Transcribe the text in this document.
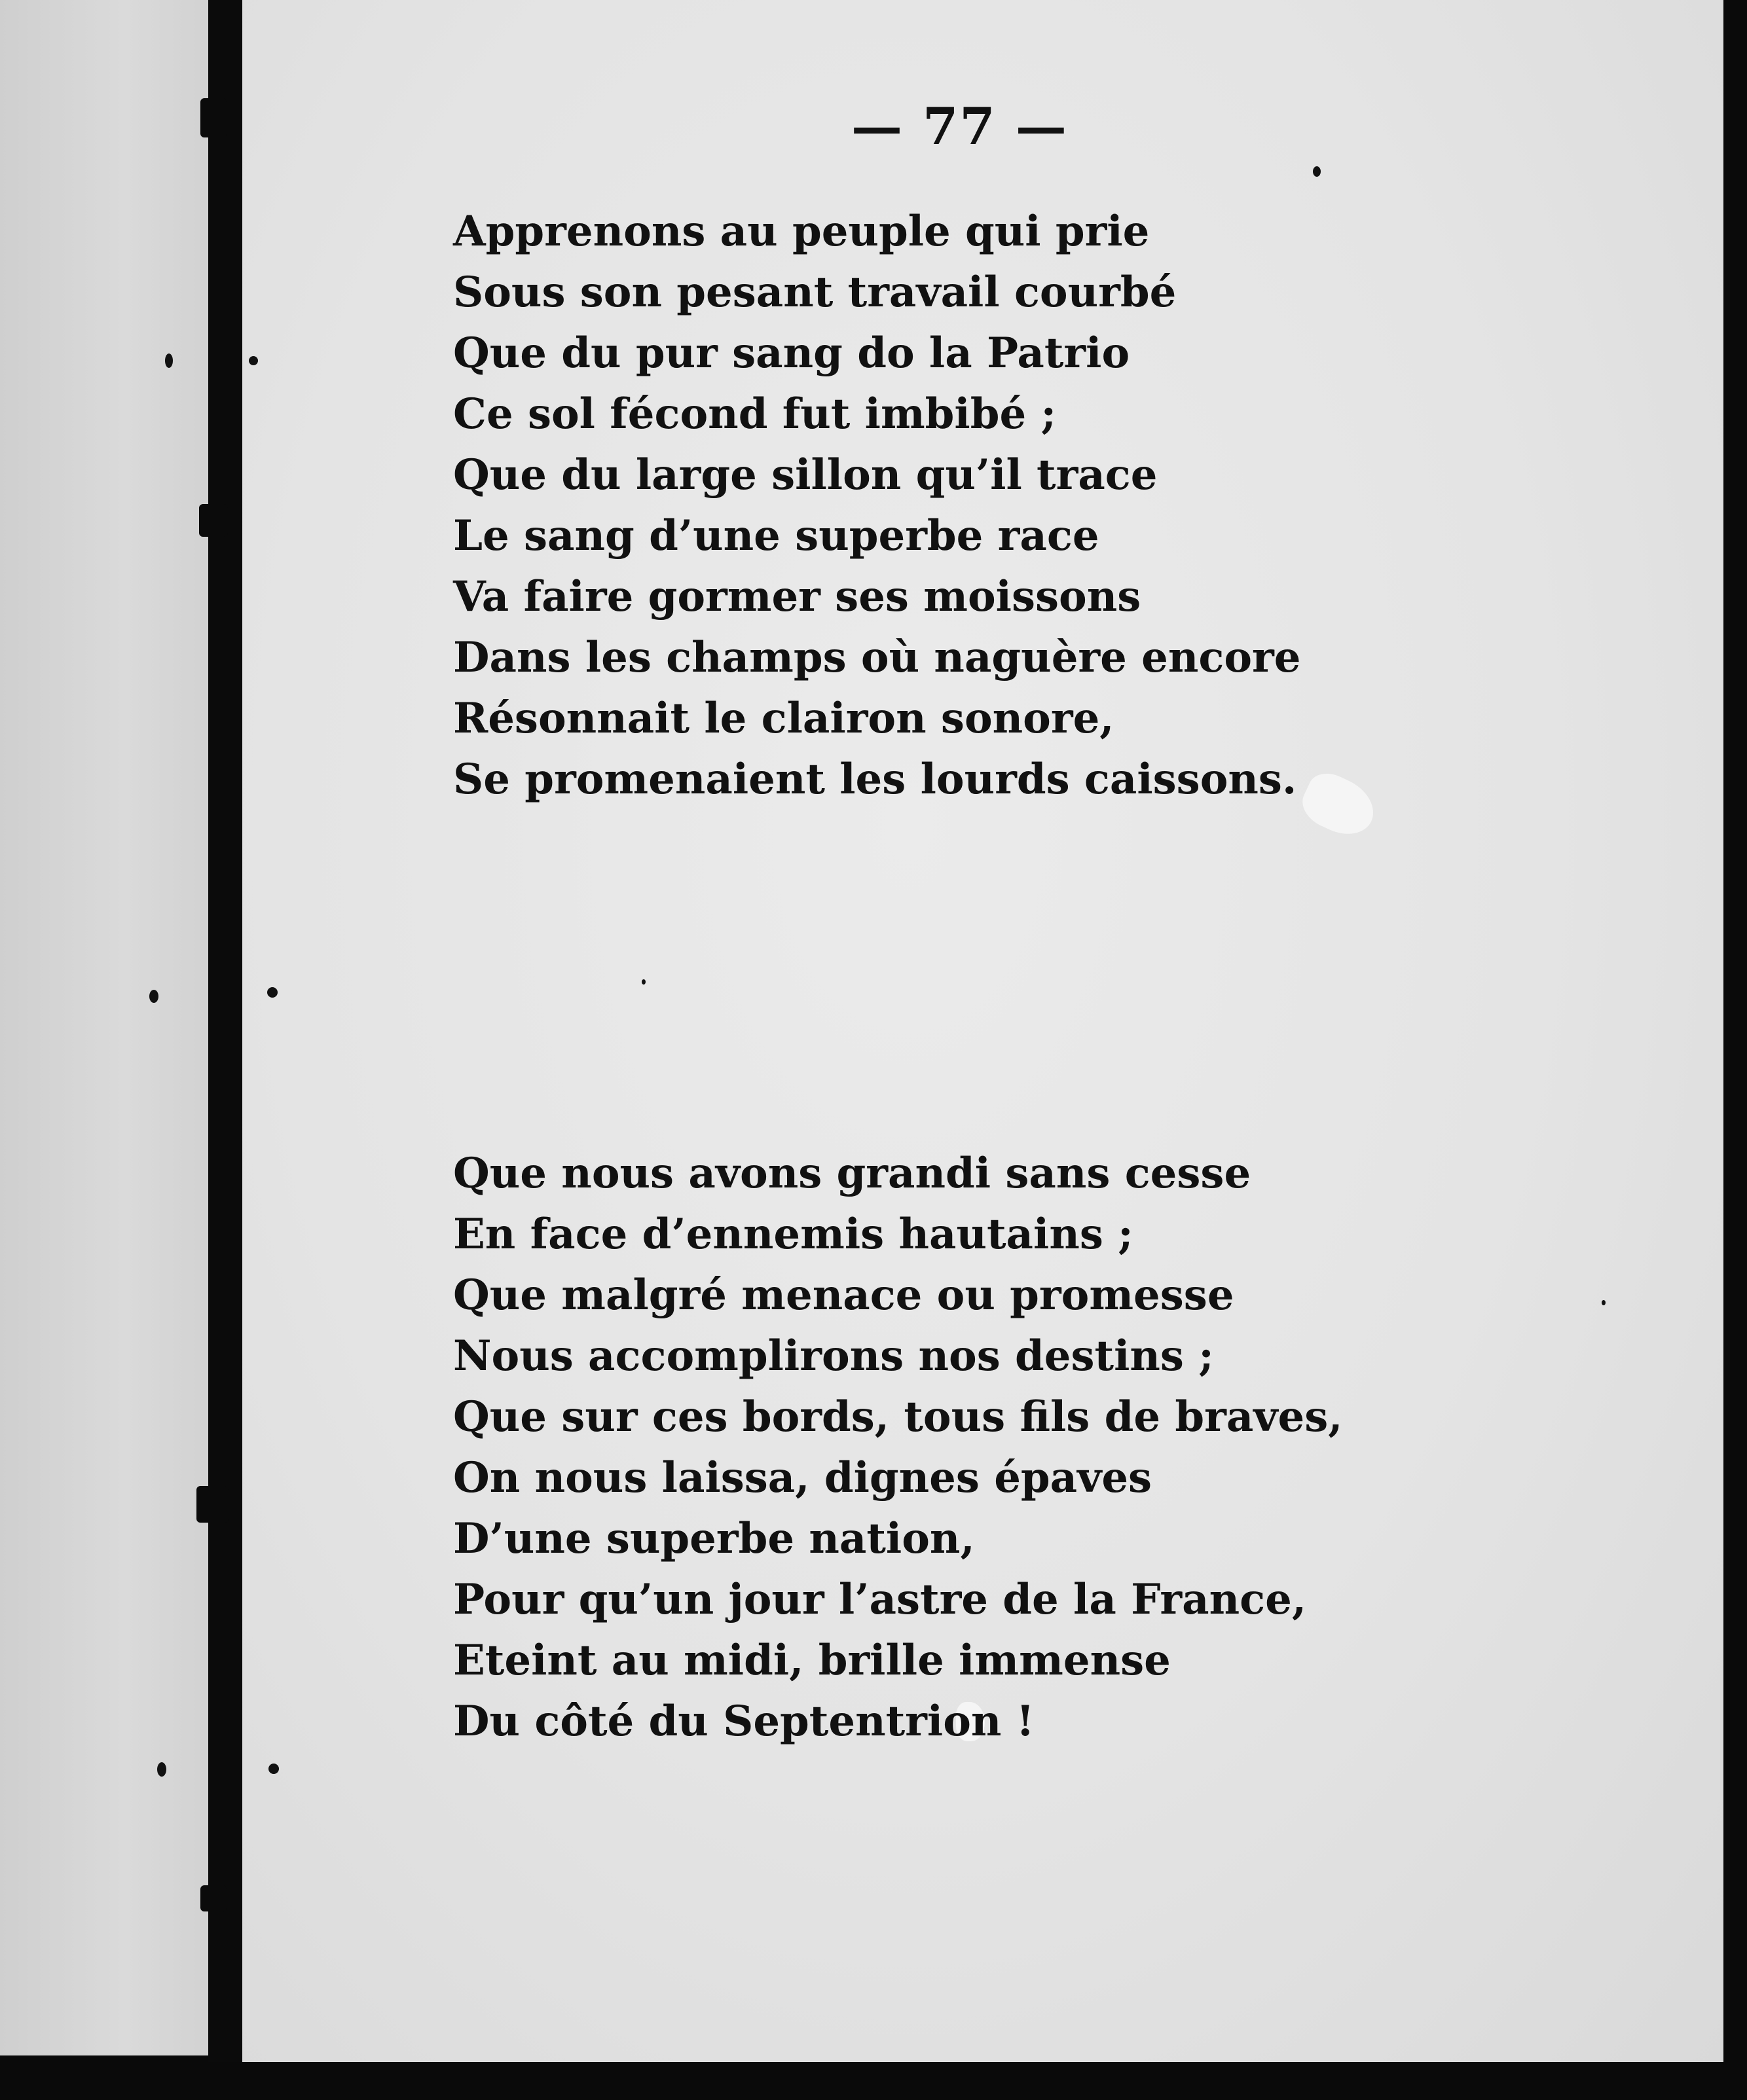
— 77 —
Apprenons au peuple qui prie
Sous son pesant travail courbé
Que du pur sang do la Patrio
Ce sol fécond fut imbibé ;
Que du large sillon qu’il trace
Le sang d’une superbe race
Va faire gormer ses moissons
Dans les champs où naguère encore
Résonnait le clairon sonore,
Se promenaient les lourds caissons.
Que nous avons grandi sans cesse
En face d’ennemis hautains ;
Que malgré menace ou promesse
Nous accomplirons nos destins ;
Que sur ces bords, tous fils de braves,
On nous laissa, dignes épaves
D’une superbe nation,
Pour qu’un jour l’astre de la France,
Eteint au midi, brille immense
Du côté du Septentrion !
